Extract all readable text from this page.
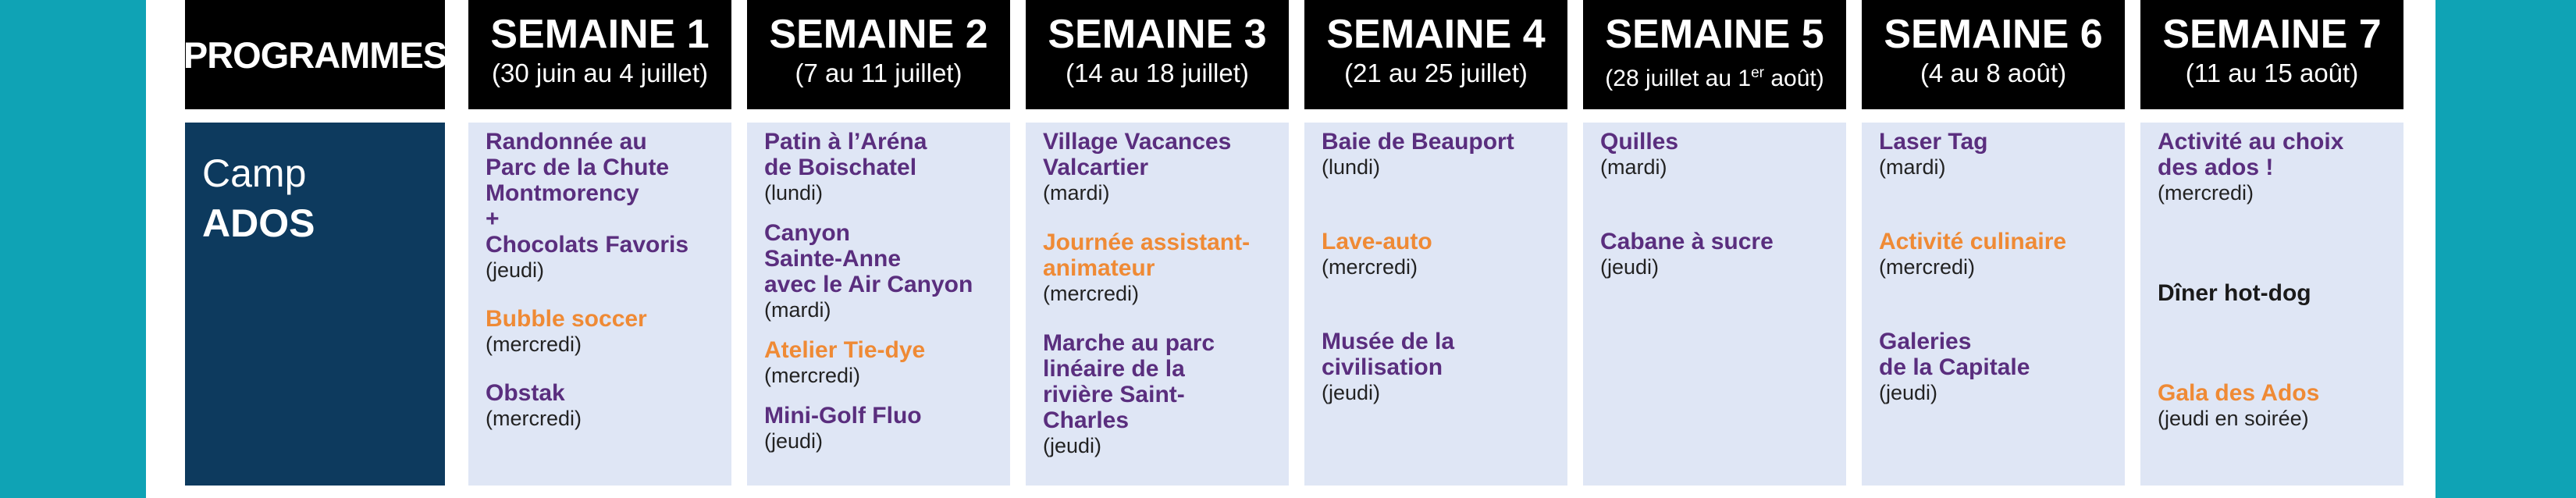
PROGRAMMES	SEMAINE 1
(30 juin au 4 juillet)
SEMAINE 2
(7 au 11 juillet)
SEMAINE 3
(14 au 18 juillet)
SEMAINE 4
(21 au 25 juillet)
SEMAINE 5
(28 juillet au 1er août)
SEMAINE 6
(4 au 8 août)
SEMAINE 7
(11 au 15 août)
Camp
ADOS
Randonnée au
Parc de la Chute
Montmorency
+
Chocolats Favoris
(jeudi)
Bubble soccer
(mercredi)
Obstak
(mercredi)
Patin à l’Aréna
de Boischatel
(lundi)
Canyon
Sainte-Anne
avec le Air Canyon
(mardi)
Atelier Tie-dye
(mercredi)
Mini-Golf Fluo
(jeudi)
Village Vacances
Valcartier
(mardi)
Journée assistant-
animateur
(mercredi)
Marche au parc
linéaire de la
rivière Saint-
Charles
(jeudi)
Baie de Beauport
(lundi)
Lave-auto
(mercredi)
Musée de la
civilisation
(jeudi)
Quilles
(mardi)
Cabane à sucre
(jeudi)
Laser Tag
(mardi)
Activité culinaire
(mercredi)
Galeries
de la Capitale
(jeudi)
Activité au choix
des ados !
(mercredi)
Dîner hot-dog
Gala des Ados
(jeudi en soirée)
